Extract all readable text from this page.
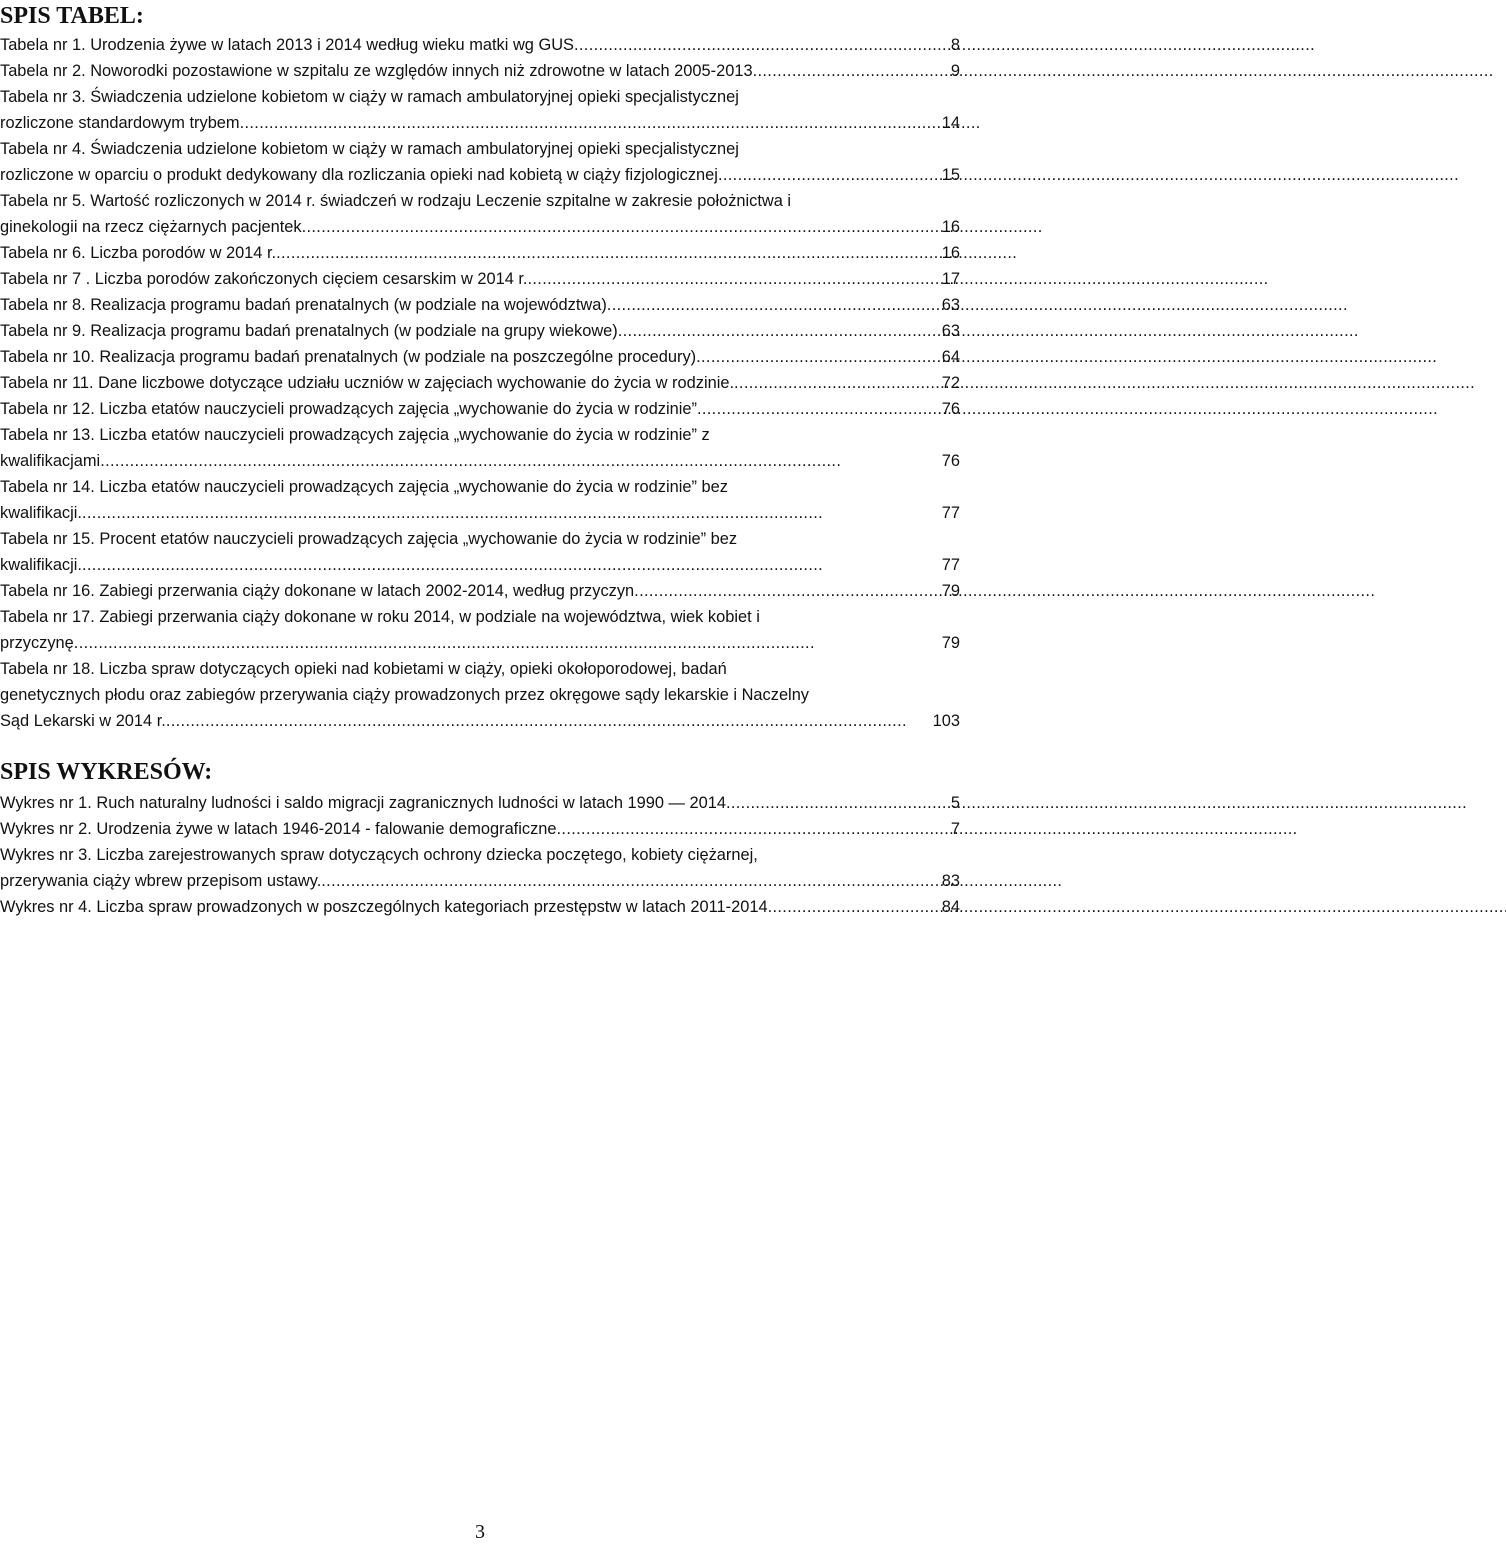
SPIS TABEL:
Tabela nr 1. Urodzenia żywe w latach 2013 i 2014 według wieku matki wg GUS . . .	8
Tabela nr 2. Noworodki pozostawione w szpitalu ze względów innych niż zdrowotne w latach 2005-2013 . . .	9
Tabela nr 3. Świadczenia udzielone kobietom w ciąży w ramach ambulatoryjnej opieki specjalistycznej
rozliczone standardowym trybem . . .	14
Tabela nr 4. Świadczenia udzielone kobietom w ciąży w ramach ambulatoryjnej opieki specjalistycznej
rozliczone w oparciu o produkt dedykowany dla rozliczania opieki nad kobietą w ciąży fizjologicznej . . .	15
Tabela nr 5. Wartość rozliczonych w 2014 r. świadczeń w rodzaju Leczenie szpitalne w zakresie położnictwa i
ginekologii na rzecz ciężarnych pacjentek . . .	16
Tabela nr 6. Liczba porodów w 2014 r. . . .	16
Tabela nr 7 . Liczba porodów zakończonych cięciem cesarskim w 2014 r. . . .	17
Tabela nr 8. Realizacja programu badań prenatalnych (w podziale na województwa) . . .	63
Tabela nr 9. Realizacja programu badań prenatalnych (w podziale na grupy wiekowe) . . .	63
Tabela nr 10. Realizacja programu badań prenatalnych (w podziale na poszczególne procedury) . . .	64
Tabela nr 11. Dane liczbowe dotyczące udziału uczniów w zajęciach wychowanie do życia w rodzinie. . . .	72
Tabela nr 12. Liczba etatów nauczycieli prowadzących zajęcia „wychowanie do życia w rodzinie” . . .	76
Tabela nr 13. Liczba etatów nauczycieli prowadzących zajęcia „wychowanie do życia w rodzinie” z
kwalifikacjami . . .	76
Tabela nr 14. Liczba etatów nauczycieli prowadzących zajęcia „wychowanie do życia w rodzinie” bez
kwalifikacji. . . .	77
Tabela nr 15. Procent etatów nauczycieli prowadzących zajęcia „wychowanie do życia w rodzinie” bez
kwalifikacji. . . .	77
Tabela nr 16. Zabiegi przerwania ciąży dokonane w latach 2002-2014, według przyczyn . . .	79
Tabela nr 17. Zabiegi przerwania ciąży dokonane w roku 2014, w podziale na województwa, wiek kobiet i
przyczynę . . .	79
Tabela nr 18. Liczba spraw dotyczących opieki nad kobietami w ciąży, opieki okołoporodowej, badań
genetycznych płodu oraz zabiegów przerywania ciąży prowadzonych przez okręgowe sądy lekarskie i Naczelny
Sąd Lekarski w 2014 r. . . .	103
SPIS WYKRESÓW:
Wykres nr 1. Ruch naturalny ludności i saldo migracji zagranicznych ludności w latach 1990 — 2014 . . .	5
Wykres nr 2. Urodzenia żywe w latach 1946-2014 - falowanie demograficzne . . .	7
Wykres nr 3. Liczba zarejestrowanych spraw dotyczących ochrony dziecka poczętego, kobiety ciężarnej,
przerywania ciąży wbrew przepisom ustawy. . . .	83
Wykres nr 4. Liczba spraw prowadzonych w poszczególnych kategoriach przestępstw w latach 2011-2014 . . .	84
3
